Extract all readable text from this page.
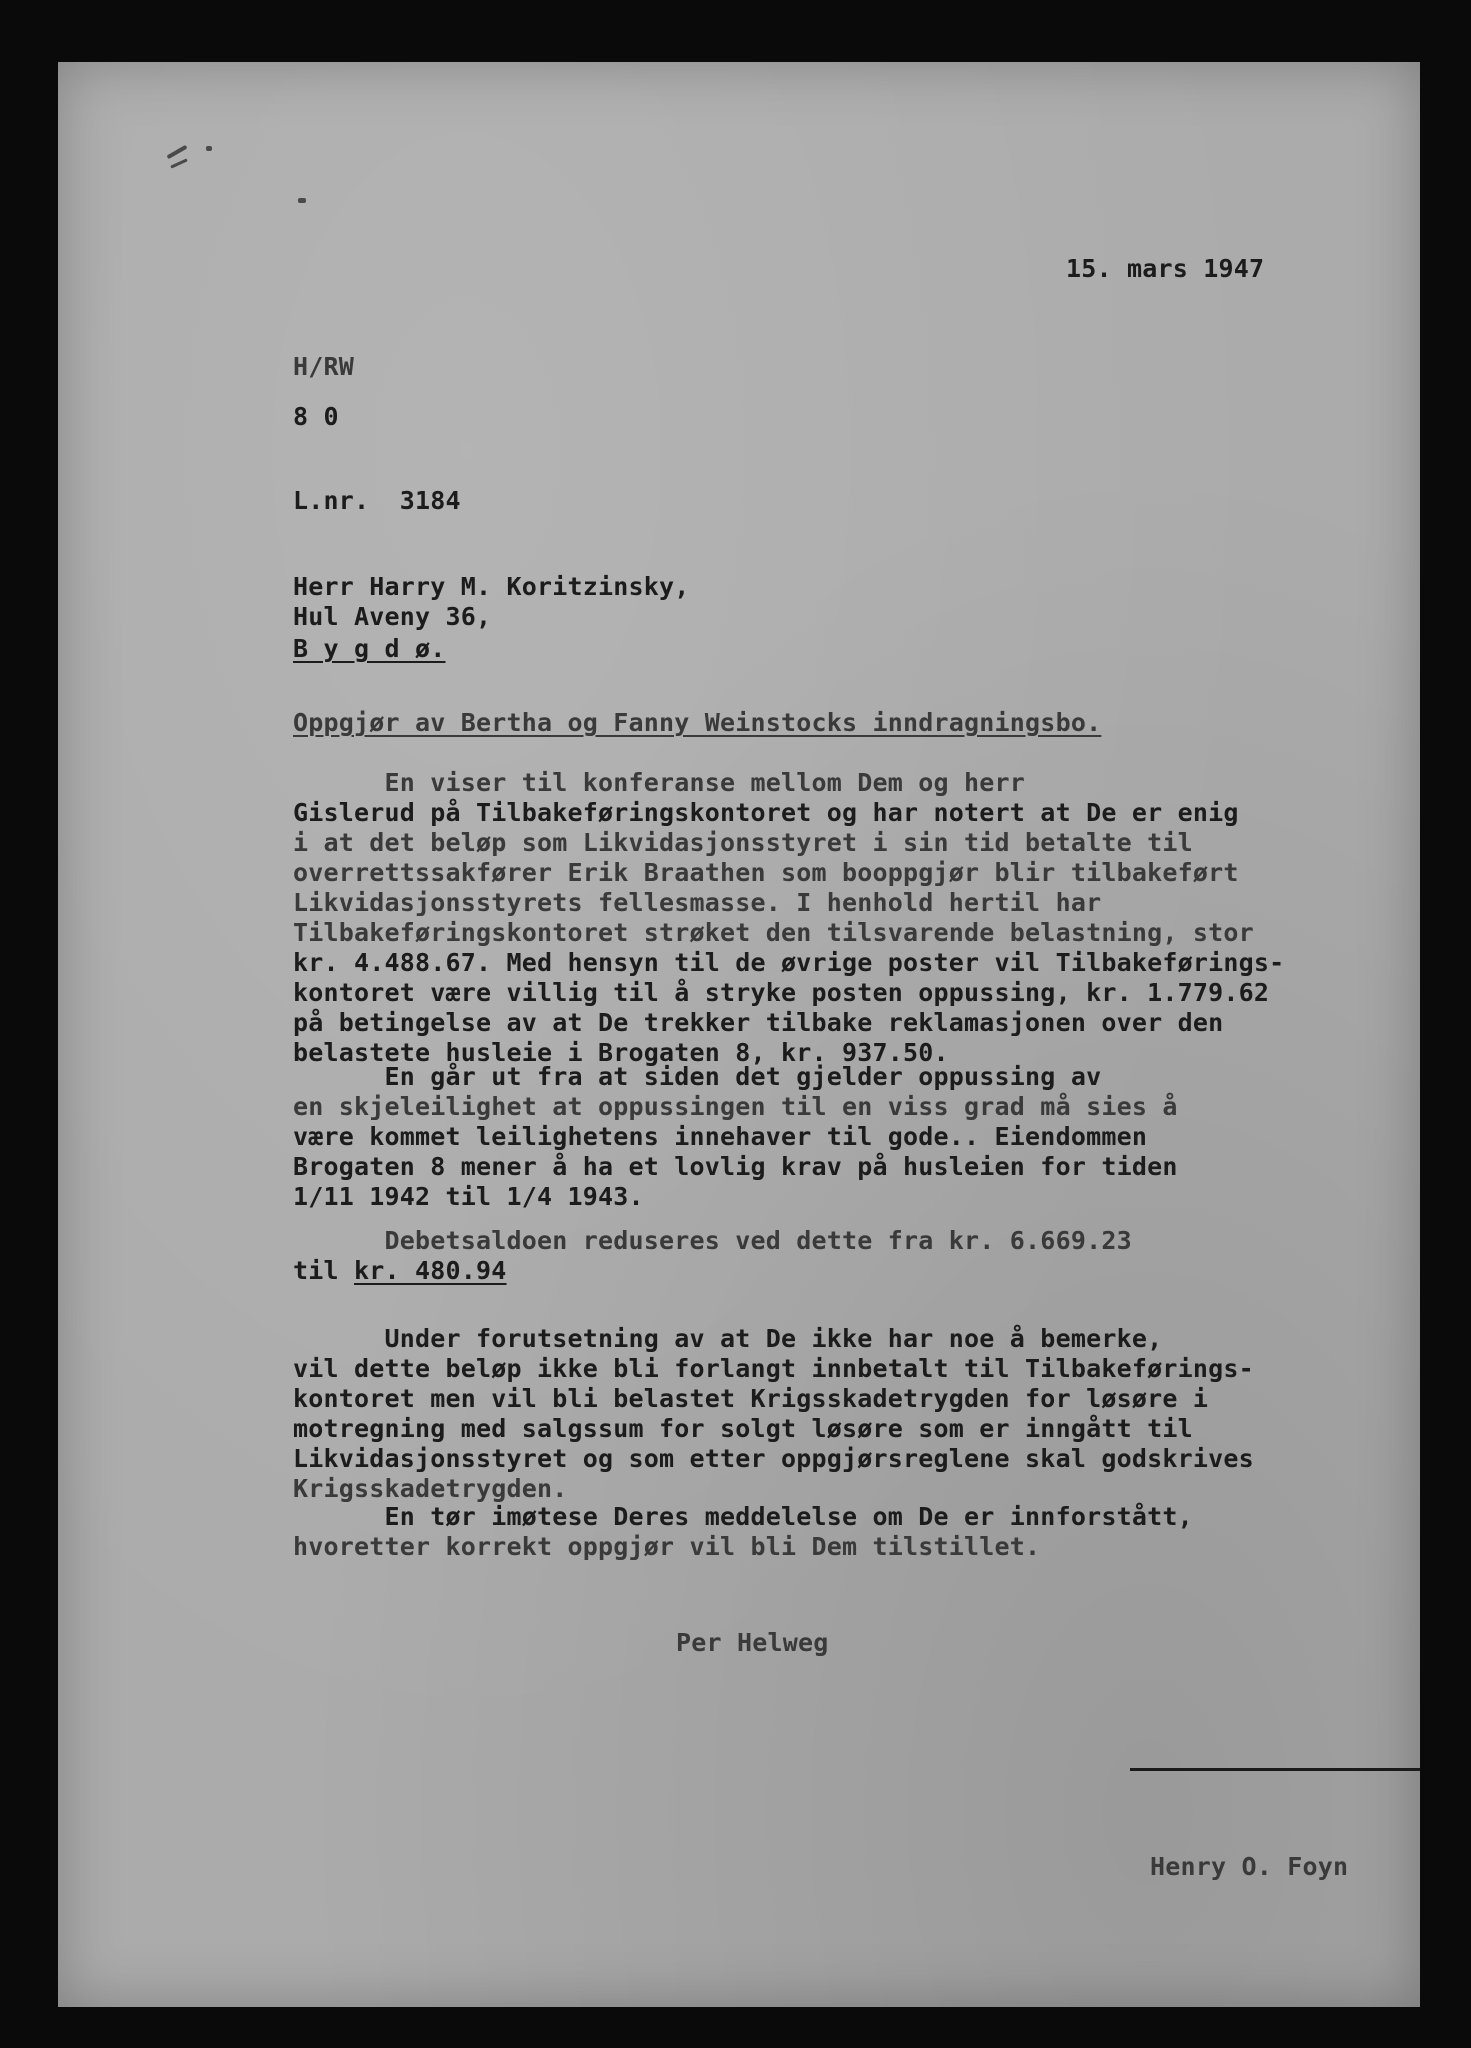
15. mars 1947

H/RW

8 0

L.nr.  3184

Herr Harry M. Koritzinsky,

Hul Aveny 36,

B y g d ø.

Oppgjør av Bertha og Fanny Weinstocks inndragningsbo.

En viser til konferanse mellom Dem og herr

Gislerud på Tilbakeføringskontoret og har notert at De er enig

i at det beløp som Likvidasjonsstyret i sin tid betalte til

overrettssakfører Erik Braathen som booppgjør blir tilbakeført

Likvidasjonsstyrets fellesmasse. I henhold hertil har

Tilbakeføringskontoret strøket den tilsvarende belastning, stor

kr. 4.488.67. Med hensyn til de øvrige poster vil Tilbakeførings-

kontoret være villig til å stryke posten oppussing, kr. 1.779.62

på betingelse av at De trekker tilbake reklamasjonen over den

belastete husleie i Brogaten 8, kr. 937.50.

En går ut fra at siden det gjelder oppussing av

en skjeleilighet at oppussingen til en viss grad må sies å

være kommet leilighetens innehaver til gode.. Eiendommen

Brogaten 8 mener å ha et lovlig krav på husleien for tiden

1/11 1942 til 1/4 1943.

Debetsaldoen reduseres ved dette fra kr. 6.669.23

til kr. 480.94

Under forutsetning av at De ikke har noe å bemerke,

vil dette beløp ikke bli forlangt innbetalt til Tilbakeførings-

kontoret men vil bli belastet Krigsskadetrygden for løsøre i

motregning med salgssum for solgt løsøre som er inngått til

Likvidasjonsstyret og som etter oppgjørsreglene skal godskrives

Krigsskadetrygden.

En tør imøtese Deres meddelelse om De er innforstått,

hvoretter korrekt oppgjør vil bli Dem tilstillet.

Per Helweg

Henry O. Foyn
